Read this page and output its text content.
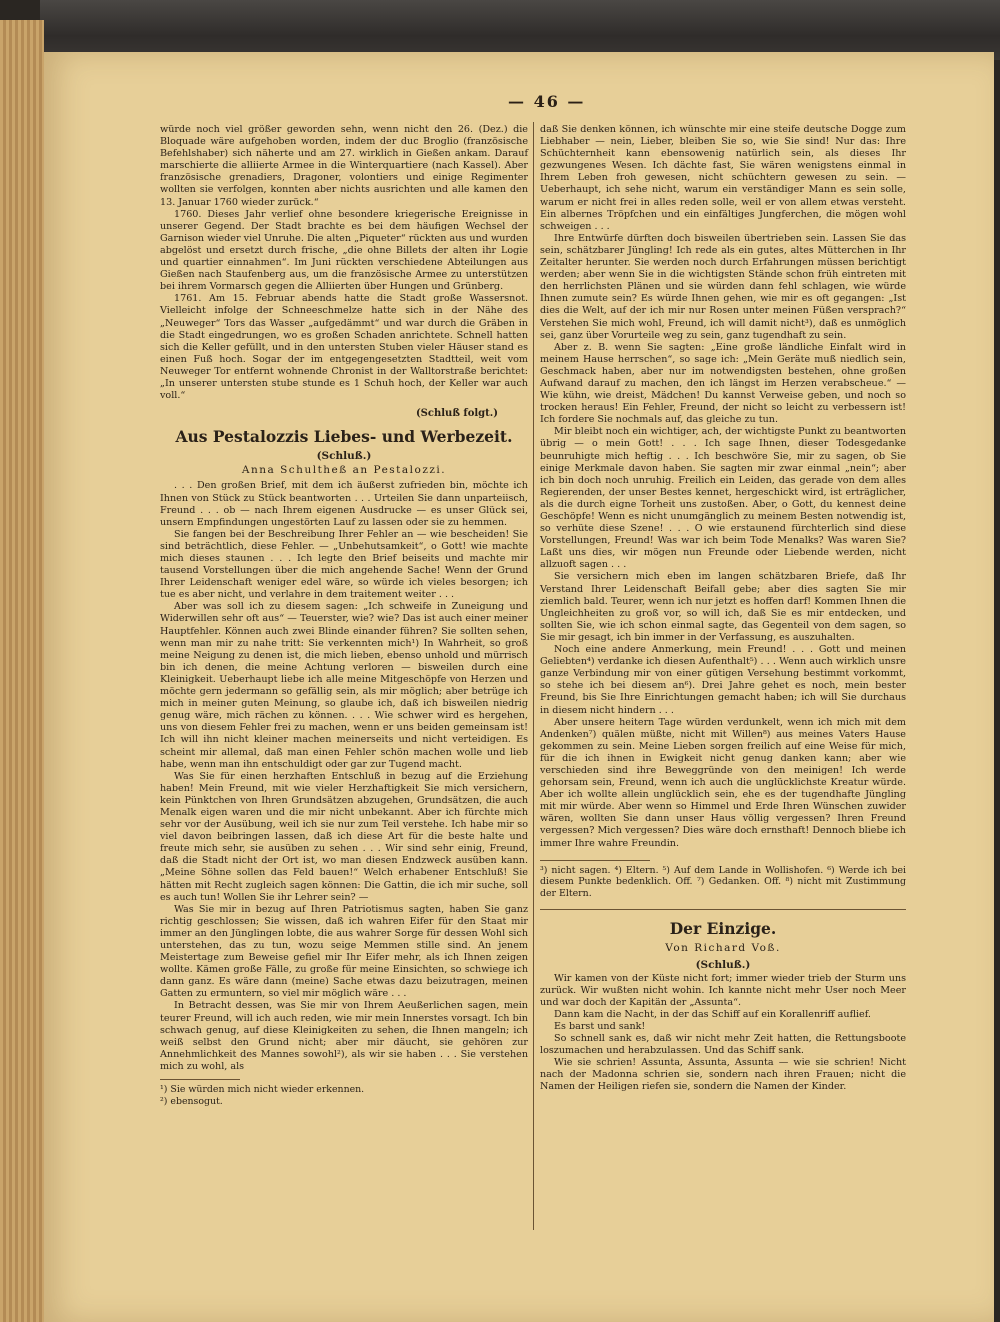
— 46 —

würde noch viel größer geworden sehn, wenn nicht den 26. (Dez.) die Bloquade wäre aufgehoben worden, indem der duc Broglio (französische Befehlshaber) sich näherte und am 27. wirklich in Gießen ankam. Darauf marschierte die alliierte Armee in die Winterquartiere (nach Kassel). Aber französische grenadiers, Dragoner, volontiers und einige Regimenter wollten sie verfolgen, konnten aber nichts ausrichten und alle kamen den 13. Januar 1760 wieder zurück.“

1760. Dieses Jahr verlief ohne besondere kriegerische Ereignisse in unserer Gegend. Der Stadt brachte es bei dem häufigen Wechsel der Garnison wieder viel Unruhe. Die alten „Piqueter“ rückten aus und wurden abgelöst und ersetzt durch frische, „die ohne Billets der alten ihr Logie und quartier einnahmen“. Im Juni rückten verschiedene Abteilungen aus Gießen nach Staufenberg aus, um die französische Armee zu unterstützen bei ihrem Vormarsch gegen die Alliierten über Hungen und Grünberg.

1761. Am 15. Februar abends hatte die Stadt große Wassersnot. Vielleicht infolge der Schneeschmelze hatte sich in der Nähe des „Neuweger“ Tors das Wasser „aufgedämmt“ und war durch die Gräben in die Stadt eingedrungen, wo es großen Schaden anrichtete. Schnell hatten sich die Keller gefüllt, und in den untersten Stuben vieler Häuser stand es einen Fuß hoch. Sogar der im entgegengesetzten Stadtteil, weit vom Neuweger Tor entfernt wohnende Chronist in der Walltorstraße berichtet: „In unserer untersten stube stunde es 1 Schuh hoch, der Keller war auch voll.“

(Schluß folgt.)
Aus Pestalozzis Liebes- und Werbezeit.
(Schluß.)
Anna Schultheß an Pestalozzi.

. . . Den großen Brief, mit dem ich äußerst zufrieden bin, möchte ich Ihnen von Stück zu Stück beantworten . . . Urteilen Sie dann unparteiisch, Freund . . . ob — nach Ihrem eigenen Ausdrucke — es unser Glück sei, unsern Empfindungen ungestörten Lauf zu lassen oder sie zu hemmen.

Sie fangen bei der Beschreibung Ihrer Fehler an — wie bescheiden! Sie sind beträchtlich, diese Fehler. — „Unbehutsamkeit“, o Gott! wie machte mich dieses staunen . . . Ich legte den Brief beiseits und machte mir tausend Vorstellungen über die mich angehende Sache! Wenn der Grund Ihrer Leidenschaft weniger edel wäre, so würde ich vieles besorgen; ich tue es aber nicht, und verlahre in dem traitement weiter . . .

Aber was soll ich zu diesem sagen: „Ich schweife in Zuneigung und Widerwillen sehr oft aus“ — Teuerster, wie? wie? Das ist auch einer meiner Hauptfehler. Können auch zwei Blinde einander führen? Sie sollten sehen, wenn man mir zu nahe tritt: Sie verkennten mich¹) In Wahrheit, so groß meine Neigung zu denen ist, die mich lieben, ebenso unhold und mürrisch bin ich denen, die meine Achtung verloren — bisweilen durch eine Kleinigkeit. Ueberhaupt liebe ich alle meine Mitgeschöpfe von Herzen und möchte gern jedermann so gefällig sein, als mir möglich; aber betrüge ich mich in meiner guten Meinung, so glaube ich, daß ich bisweilen niedrig genug wäre, mich rächen zu können. . . . Wie schwer wird es hergehen, uns von diesem Fehler frei zu machen, wenn er uns beiden gemeinsam ist! Ich will ihn nicht kleiner machen meinerseits und nicht verteidigen. Es scheint mir allemal, daß man einen Fehler schön machen wolle und lieb habe, wenn man ihn entschuldigt oder gar zur Tugend macht.

Was Sie für einen herzhaften Entschluß in bezug auf die Erziehung haben! Mein Freund, mit wie vieler Herzhaftigkeit Sie mich versichern, kein Pünktchen von Ihren Grundsätzen abzugehen, Grundsätzen, die auch Menalk eigen waren und die mir nicht unbekannt. Aber ich fürchte mich sehr vor der Ausübung, weil ich sie nur zum Teil verstehe. Ich habe mir so viel davon beibringen lassen, daß ich diese Art für die beste halte und freute mich sehr, sie ausüben zu sehen . . . Wir sind sehr einig, Freund, daß die Stadt nicht der Ort ist, wo man diesen Endzweck ausüben kann. „Meine Söhne sollen das Feld bauen!“ Welch erhabener Entschluß! Sie hätten mit Recht zugleich sagen können: Die Gattin, die ich mir suche, soll es auch tun! Wollen Sie ihr Lehrer sein? —

Was Sie mir in bezug auf Ihren Patriotismus sagten, haben Sie ganz richtig geschlossen; Sie wissen, daß ich wahren Eifer für den Staat mir immer an den Jünglingen lobte, die aus wahrer Sorge für dessen Wohl sich unterstehen, das zu tun, wozu seige Memmen stille sind. An jenem Meistertage zum Beweise gefiel mir Ihr Eifer mehr, als ich Ihnen zeigen wollte. Kämen große Fälle, zu große für meine Einsichten, so schwiege ich dann ganz. Es wäre dann (meine) Sache etwas dazu beizutragen, meinen Gatten zu ermuntern, so viel mir möglich wäre . . .

In Betracht dessen, was Sie mir von Ihrem Aeußerlichen sagen, mein teurer Freund, will ich auch reden, wie mir mein Innerstes vorsagt. Ich bin schwach genug, auf diese Kleinigkeiten zu sehen, die Ihnen mangeln; ich weiß selbst den Grund nicht; aber mir däucht, sie gehören zur Annehmlichkeit des Mannes sowohl²), als wir sie haben . . . Sie verstehen mich zu wohl, als

¹) Sie würden mich nicht wieder erkennen.
²) ebensogut.

daß Sie denken können, ich wünschte mir eine steife deutsche Dogge zum Liebhaber — nein, Lieber, bleiben Sie so, wie Sie sind! Nur das: Ihre Schüchternheit kann ebensowenig natürlich sein, als dieses Ihr gezwungenes Wesen. Ich dächte fast, Sie wären wenigstens einmal in Ihrem Leben froh gewesen, nicht schüchtern gewesen zu sein. — Ueberhaupt, ich sehe nicht, warum ein verständiger Mann es sein solle, warum er nicht frei in alles reden solle, weil er von allem etwas versteht. Ein albernes Tröpfchen und ein einfältiges Jungferchen, die mögen wohl schweigen . . .

Ihre Entwürfe dürften doch bisweilen übertrieben sein. Lassen Sie das sein, schätzbarer Jüngling! Ich rede als ein gutes, altes Mütterchen in Ihr Zeitalter herunter. Sie werden noch durch Erfahrungen müssen berichtigt werden; aber wenn Sie in die wichtigsten Stände schon früh eintreten mit den herrlichsten Plänen und sie würden dann fehl schlagen, wie würde Ihnen zumute sein? Es würde Ihnen gehen, wie mir es oft gegangen: „Ist dies die Welt, auf der ich mir nur Rosen unter meinen Füßen versprach?“ Verstehen Sie mich wohl, Freund, ich will damit nicht³), daß es unmöglich sei, ganz über Vorurteile weg zu sein, ganz tugendhaft zu sein.

Aber z. B. wenn Sie sagten: „Eine große ländliche Einfalt wird in meinem Hause herrschen“, so sage ich: „Mein Geräte muß niedlich sein, Geschmack haben, aber nur im notwendigsten bestehen, ohne großen Aufwand darauf zu machen, den ich längst im Herzen verabscheue.“ — Wie kühn, wie dreist, Mädchen! Du kannst Verweise geben, und noch so trocken heraus! Ein Fehler, Freund, der nicht so leicht zu verbessern ist! Ich fordere Sie nochmals auf, das gleiche zu tun.

Mir bleibt noch ein wichtiger, ach, der wichtigste Punkt zu beantworten übrig — o mein Gott! . . . Ich sage Ihnen, dieser Todesgedanke beunruhigte mich heftig . . . Ich beschwöre Sie, mir zu sagen, ob Sie einige Merkmale davon haben. Sie sagten mir zwar einmal „nein“; aber ich bin doch noch unruhig. Freilich ein Leiden, das gerade von dem alles Regierenden, der unser Bestes kennet, hergeschickt wird, ist erträglicher, als die durch eigne Torheit uns zustoßen. Aber, o Gott, du kennest deine Geschöpfe! Wenn es nicht unumgänglich zu meinem Besten notwendig ist, so verhüte diese Szene! . . . O wie erstaunend fürchterlich sind diese Vorstellungen, Freund! Was war ich beim Tode Menalks? Was waren Sie? Laßt uns dies, wir mögen nun Freunde oder Liebende werden, nicht allzuoft sagen . . .

Sie versichern mich eben im langen schätzbaren Briefe, daß Ihr Verstand Ihrer Leidenschaft Beifall gebe; aber dies sagten Sie mir ziemlich bald. Teurer, wenn ich nur jetzt es hoffen darf! Kommen Ihnen die Ungleichheiten zu groß vor, so will ich, daß Sie es mir entdecken, und sollten Sie, wie ich schon einmal sagte, das Gegenteil von dem sagen, so Sie mir gesagt, ich bin immer in der Verfassung, es auszuhalten.

Noch eine andere Anmerkung, mein Freund! . . . Gott und meinen Geliebten⁴) verdanke ich diesen Aufenthalt⁵) . . . Wenn auch wirklich unsre ganze Verbindung mir von einer gütigen Versehung bestimmt vorkommt, so stehe ich bei diesem an⁶). Drei Jahre gehet es noch, mein bester Freund, bis Sie Ihre Einrichtungen gemacht haben; ich will Sie durchaus in diesem nicht hindern . . .

Aber unsere heitern Tage würden verdunkelt, wenn ich mich mit dem Andenken⁷) quälen müßte, nicht mit Willen⁸) aus meines Vaters Hause gekommen zu sein. Meine Lieben sorgen freilich auf eine Weise für mich, für die ich ihnen in Ewigkeit nicht genug danken kann; aber wie verschieden sind ihre Beweggründe von den meinigen! Ich werde gehorsam sein, Freund, wenn ich auch die unglücklichste Kreatur würde. Aber ich wollte allein unglücklich sein, ehe es der tugendhafte Jüngling mit mir würde. Aber wenn so Himmel und Erde Ihren Wünschen zuwider wären, wollten Sie dann unser Haus völlig vergessen? Ihren Freund vergessen? Mich vergessen? Dies wäre doch ernsthaft! Dennoch bliebe ich immer Ihre wahre Freundin.

³) nicht sagen. ⁴) Eltern. ⁵) Auf dem Lande in Wollishofen. ⁶) Werde ich bei diesem Punkte bedenklich. Off. ⁷) Gedanken. Off. ⁸) nicht mit Zustimmung der Eltern.
Der Einzige.
Von Richard Voß.
(Schluß.)

Wir kamen von der Küste nicht fort; immer wieder trieb der Sturm uns zurück. Wir wußten nicht wohin. Ich kannte nicht mehr User noch Meer und war doch der Kapitän der „Assunta“.

Dann kam die Nacht, in der das Schiff auf ein Korallenriff auflief.

Es barst und sank!

So schnell sank es, daß wir nicht mehr Zeit hatten, die Rettungsboote loszumachen und herabzulassen. Und das Schiff sank.

Wie sie schrien! Assunta, Assunta, Assunta — wie sie schrien! Nicht nach der Madonna schrien sie, sondern nach ihren Frauen; nicht die Namen der Heiligen riefen sie, sondern die Namen der Kinder.
